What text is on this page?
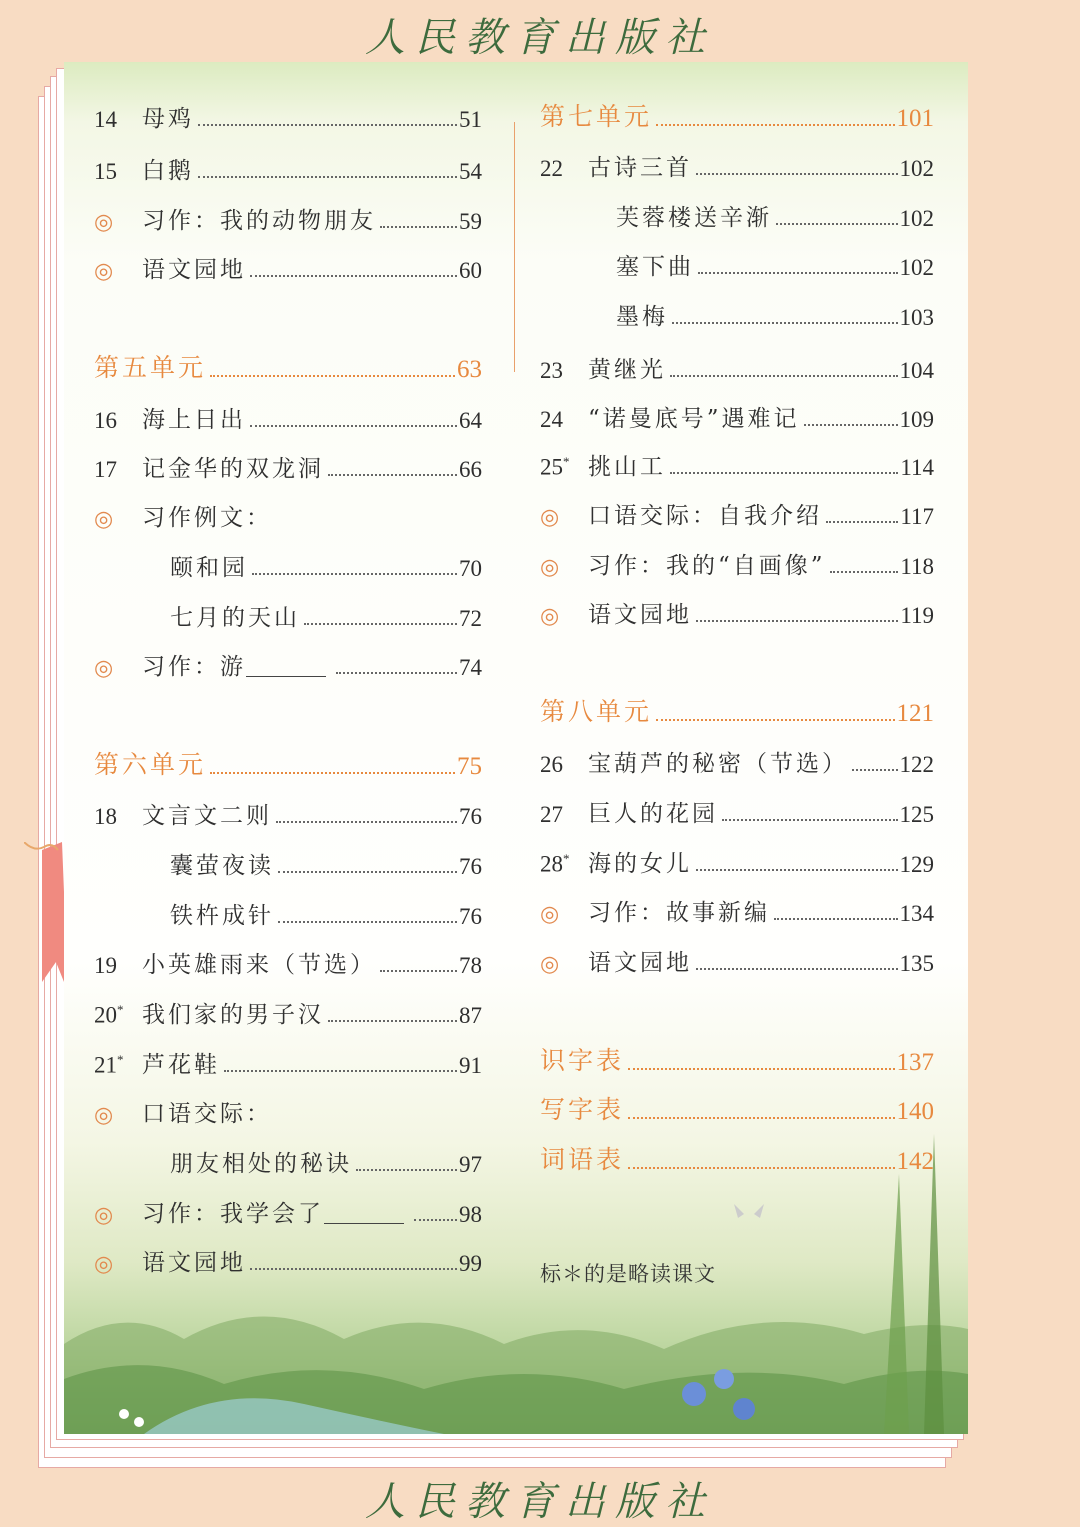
人民教育出版社
14	母鸡	51
15	白鹅	54
◎	习作：我的动物朋友	59
◎	语文园地	60
第五单元	63
16	海上日出	64
17	记金华的双龙洞	66
◎	习作例文：
颐和园	70
七月的天山	72
◎	习作：游	74
第六单元	75
18	文言文二则	76
囊萤夜读	76
铁杵成针	76
19	小英雄雨来（节选）	78
20* 我们家的男子汉	87
21* 芦花鞋	91
◎	口语交际：
朋友相处的秘诀	97
◎	习作：我学会了	98
◎	语文园地	99
第七单元	101
22	古诗三首	102
芙蓉楼送辛渐	102
塞下曲	102
墨梅	103
23	黄继光	104
24	“诺曼底号”遇难记	109
25* 挑山工	114
◎	口语交际：自我介绍	117
◎	习作：我的“自画像”	118
◎	语文园地	119
第八单元	121
26	宝葫芦的秘密（节选） 122
27	巨人的花园	125
28* 海的女儿	129
◎	习作：故事新编	134
◎	语文园地	135
识字表	137
写字表	140
词语表	142
标＊的是略读课文
人民教育出版社
